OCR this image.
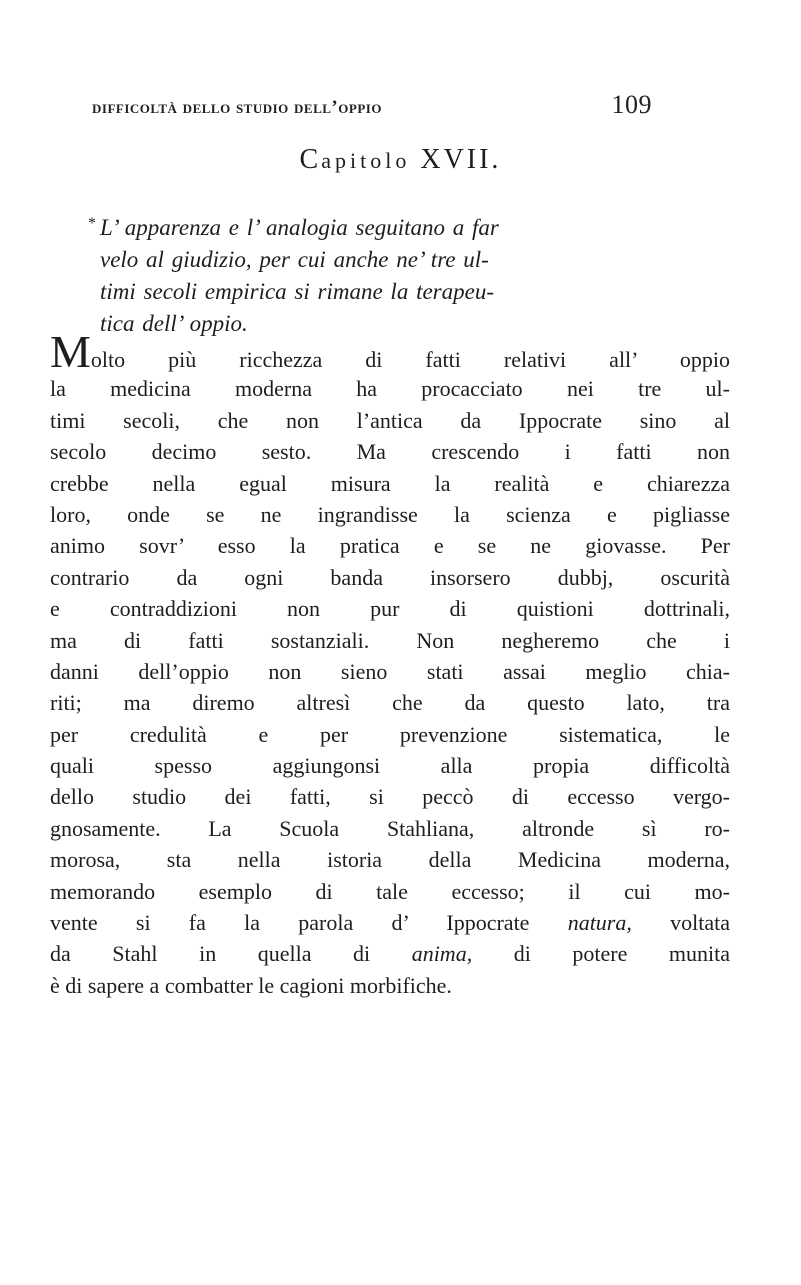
difficoltà dello studio dell’oppio	109
Capitolo XVII.
* L’ apparenza e l’ analogia seguitano a far
velo al giudizio, per cui anche ne’ tre ul-
timi secoli empirica si rimane la terapeu-
tica dell’ oppio.
Molto più ricchezza di fatti relativi all’ oppio
la medicina moderna ha procacciato nei tre ul-
timi secoli, che non l’antica da Ippocrate sino al
secolo decimo sesto. Ma crescendo i fatti non
crebbe nella egual misura la realità e chiarezza
loro, onde se ne ingrandisse la scienza e pigliasse
animo sovr’ esso la pratica e se ne giovasse. Per
contrario da ogni banda insorsero dubbj, oscurità
e contraddizioni non pur di quistioni dottrinali,
ma di fatti sostanziali. Non negheremo che i
danni dell’oppio non sieno stati assai meglio chia-
riti; ma diremo altresì che da questo lato, tra
per credulità e per prevenzione sistematica, le
quali spesso aggiungonsi alla propia difficoltà
dello studio dei fatti, si peccò di eccesso vergo-
gnosamente. La Scuola Stahliana, altronde sì ro-
morosa, sta nella istoria della Medicina moderna,
memorando esemplo di tale eccesso; il cui mo-
vente si fa la parola d’ Ippocrate natura, voltata
da Stahl in quella di anima, di potere munita
è di sapere a combatter le cagioni morbifiche.
